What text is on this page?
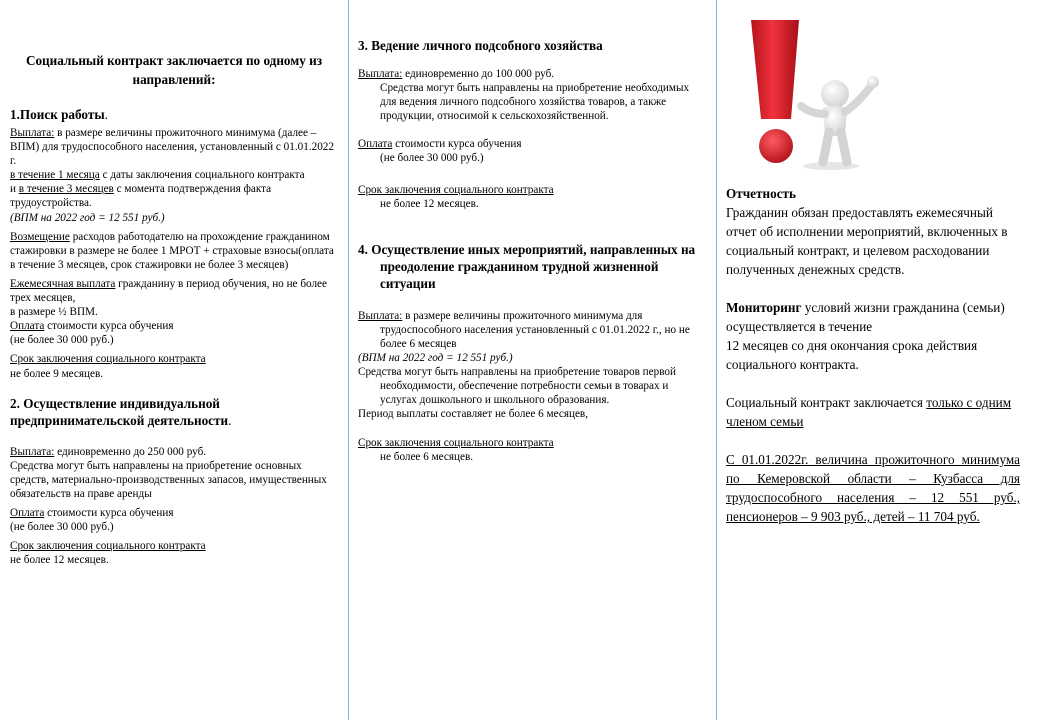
Социальный контракт заключается по одному из направлений:

1.Поиск работы.

Выплата: в размере величины прожиточного минимума (далее – ВПМ) для трудоспособного населения, установленный с 01.01.2022 г.

в течение 1 месяца с даты заключения социального контракта

и в течение 3 месяцев с момента подтверждения факта трудоустройства.

(ВПМ на 2022 год = 12 551 руб.)

Возмещение расходов работодателю на прохождение гражданином стажировки в размере не более 1 МРОТ + страховые взносы(оплата в течение 3 месяцев, срок стажировки не более 3 месяцев)

Ежемесячная выплата гражданину в период обучения, но не более трех месяцев,

в размере ½ ВПМ.

Оплата стоимости курса обучения

(не более 30 000 руб.)

Срок заключения социального контракта

не более 9 месяцев.

2. Осуществление индивидуальной предпринимательской деятельности.

Выплата: единовременно до 250 000 руб.

Средства могут быть направлены на приобретение основных средств, материально-производственных запасов, имущественных обязательств на праве аренды

Оплата стоимости курса обучения

(не более 30 000 руб.)

Срок заключения социального контракта

не более 12 месяцев.

3. Ведение личного подсобного хозяйства

Выплата: единовременно до 100 000 руб.

Средства могут быть направлены на приобретение необходимых для ведения личного подсобного хозяйства товаров, а также продукции, относимой к сельскохозяйственной.

Оплата стоимости курса обучения

(не более 30 000 руб.)

Срок заключения социального контракта

не более 12 месяцев.

4. Осуществление иных мероприятий, направленных на преодоление гражданином трудной жизненной ситуации

Выплата: в размере величины прожиточного минимума для трудоспособного населения установленный с 01.01.2022 г., но не более 6 месяцев

(ВПМ на 2022 год = 12 551 руб.)

Средства могут быть направлены на приобретение товаров первой необходимости, обеспечение потребности семьи в товарах и услугах дошкольного и школьного образования.

Период выплаты составляет не более 6 месяцев,

Срок заключения социального контракта

не более 6 месяцев.

Отчетность

Гражданин обязан предоставлять ежемесячный отчет об исполнении мероприятий, включенных в социальный контракт, и целевом расходовании полученных денежных средств.

Мониторинг условий жизни гражданина (семьи) осуществляется в течение
12 месяцев со дня окончания срока действия социального контракта.

Социальный контракт заключается только с одним членом семьи

С 01.01.2022г. величина прожиточного минимума по Кемеровской области – Кузбасса для трудоспособного населения – 12 551 руб., пенсионеров – 9 903 руб., детей – 11 704 руб.
